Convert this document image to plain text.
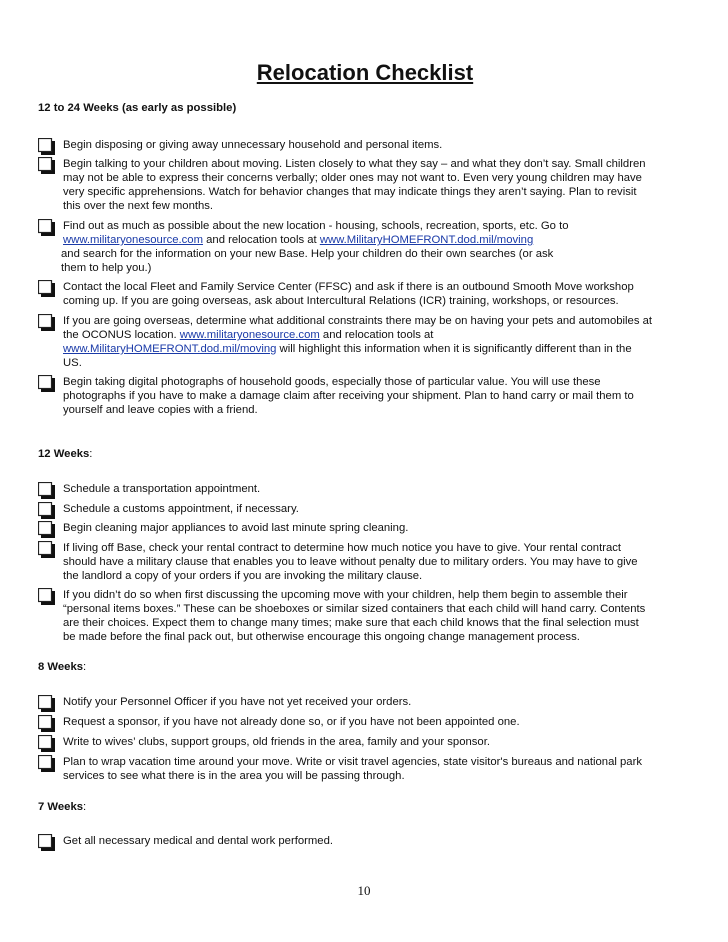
Relocation Checklist
12 to 24 Weeks (as early as possible)

Begin disposing or giving away unnecessary household and personal items.

Begin talking to your children about moving. Listen closely to what they say – and what they don’t say. Small children

may not be able to express their concerns verbally; older ones may not want to. Even very young children may have

very specific apprehensions. Watch for behavior changes that may indicate things they aren’t saying. Plan to revisit

this over the next few months.

Find out as much as possible about the new location - housing, schools, recreation, sports, etc. Go to

www.militaryonesource.com and relocation tools at www.MilitaryHOMEFRONT.dod.mil/moving

and search for the information on your new Base. Help your children do their own searches (or ask

them to help you.)

Contact the local Fleet and Family Service Center (FFSC) and ask if there is an outbound Smooth Move workshop

coming up. If you are going overseas, ask about Intercultural Relations (ICR) training, workshops, or resources.

If you are going overseas, determine what additional constraints there may be on having your pets and automobiles at

the OCONUS location. www.militaryonesource.com and relocation tools at

www.MilitaryHOMEFRONT.dod.mil/moving will highlight this information when it is significantly different than in the

US.

Begin taking digital photographs of household goods, especially those of particular value. You will use these

photographs if you have to make a damage claim after receiving your shipment. Plan to hand carry or mail them to

yourself and leave copies with a friend.

12 Weeks:

Schedule a transportation appointment.

Schedule a customs appointment, if necessary.

Begin cleaning major appliances to avoid last minute spring cleaning.

If living off Base, check your rental contract to determine how much notice you have to give. Your rental contract

should have a military clause that enables you to leave without penalty due to military orders. You may have to give

the landlord a copy of your orders if you are invoking the military clause.

If you didn’t do so when first discussing the upcoming move with your children, help them begin to assemble their

“personal items boxes.” These can be shoeboxes or similar sized containers that each child will hand carry. Contents

are their choices. Expect them to change many times; make sure that each child knows that the final selection must

be made before the final pack out, but otherwise encourage this ongoing change management process.

8 Weeks:

Notify your Personnel Officer if you have not yet received your orders.

Request a sponsor, if you have not already done so, or if you have not been appointed one.

Write to wives’ clubs, support groups, old friends in the area, family and your sponsor.

Plan to wrap vacation time around your move. Write or visit travel agencies, state visitor's bureaus and national park

services to see what there is in the area you will be passing through.

7 Weeks:

Get all necessary medical and dental work performed.

10
